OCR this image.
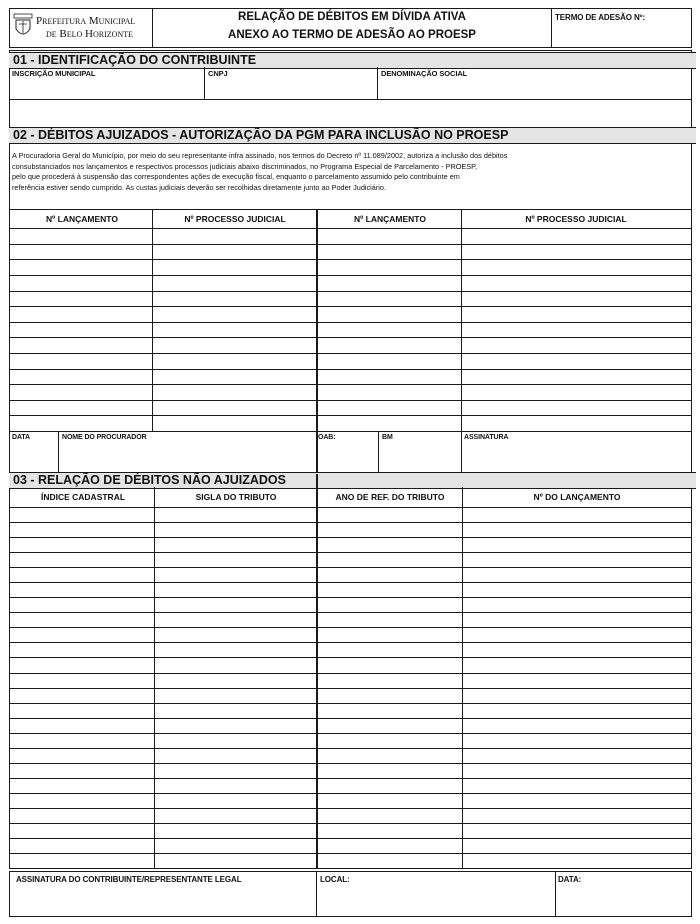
Prefeitura Municipal
de Belo Horizonte
RELAÇÃO DE DÉBITOS EM DÍVIDA ATIVA
ANEXO AO TERMO DE ADESÃO AO PROESP
TERMO DE ADESÃO Nº:
01 - IDENTIFICAÇÃO DO CONTRIBUINTE
INSCRIÇÃO MUNICIPAL	CNPJ	DENOMINAÇÃO SOCIAL
02 - DÉBITOS AJUIZADOS - AUTORIZAÇÃO DA PGM PARA INCLUSÃO NO PROESP
A Procuradoria Geral do Município, por meio do seu representante infra assinado, nos termos do Decreto nº 11.089/2002, autoriza a inclusão dos débitos
consubstanciados nos lançamentos e respectivos processos judiciais abaixo discriminados, no Programa Especial de Parcelamento - PROESP,
pelo que procederá à suspensão das correspondentes ações de execução fiscal, enquanto o parcelamento assumido pelo contribuinte em
referência estiver sendo cumprido. As custas judiciais deverão ser recolhidas diretamente junto ao Poder Judiciário.
Nº LANÇAMENTO	Nº PROCESSO JUDICIAL	Nº LANÇAMENTO	Nº PROCESSO JUDICIAL
DATA	NOME DO PROCURADOR	OAB:	BM	ASSINATURA
03 - RELAÇÃO DE DÉBITOS NÃO AJUIZADOS
ÍNDICE CADASTRAL	SIGLA DO TRIBUTO	ANO DE REF. DO TRIBUTO	Nº DO LANÇAMENTO
ASSINATURA DO CONTRIBUINTE/REPRESENTANTE LEGAL	LOCAL:	DATA:
